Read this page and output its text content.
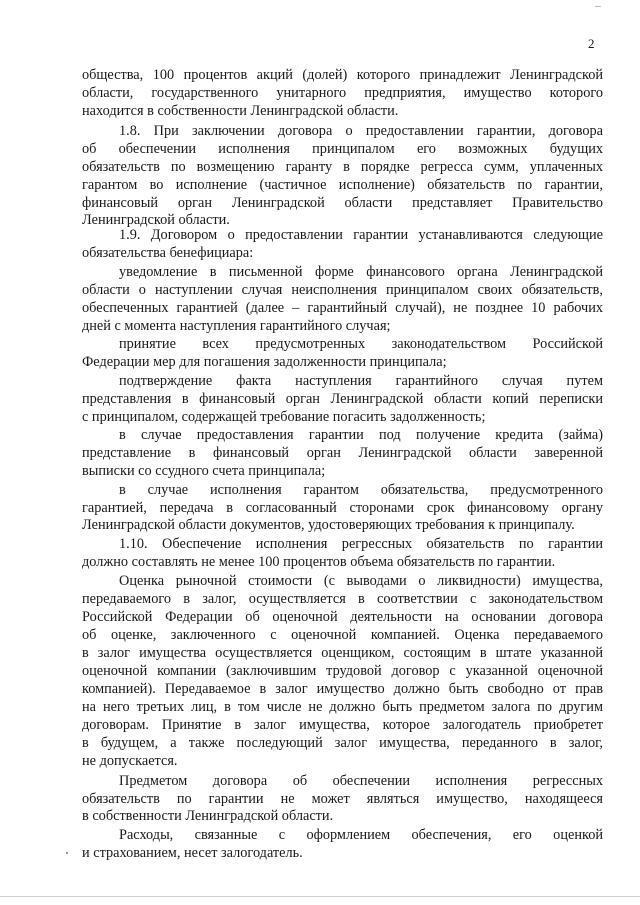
2
общества, 100 процентов акций (долей) которого принадлежит Ленинградской
области, государственного унитарного предприятия, имущество которого
находится в собственности Ленинградской области.
1.8. При заключении договора о предоставлении гарантии, договора
об обеспечении исполнения принципалом его возможных будущих
обязательств по возмещению гаранту в порядке регресса сумм, уплаченных
гарантом во исполнение (частичное исполнение) обязательств по гарантии,
финансовый орган Ленинградской области представляет Правительство
Ленинградской области.
1.9. Договором о предоставлении гарантии устанавливаются следующие
обязательства бенефициара:
уведомление в письменной форме финансового органа Ленинградской
области о наступлении случая неисполнения принципалом своих обязательств,
обеспеченных гарантией (далее – гарантийный случай), не позднее 10 рабочих
дней с момента наступления гарантийного случая;
принятие всех предусмотренных законодательством Российской
Федерации мер для погашения задолженности принципала;
подтверждение факта наступления гарантийного случая путем
представления в финансовый орган Ленинградской области копий переписки
с принципалом, содержащей требование погасить задолженность;
в случае предоставления гарантии под получение кредита (займа)
представление в финансовый орган Ленинградской области заверенной
выписки со ссудного счета принципала;
в случае исполнения гарантом обязательства, предусмотренного
гарантией, передача в согласованный сторонами срок финансовому органу
Ленинградской области документов, удостоверяющих требования к принципалу.
1.10. Обеспечение исполнения регрессных обязательств по гарантии
должно составлять не менее 100 процентов объема обязательств по гарантии.
Оценка рыночной стоимости (с выводами о ликвидности) имущества,
передаваемого в залог, осуществляется в соответствии с законодательством
Российской Федерации об оценочной деятельности на основании договора
об оценке, заключенного с оценочной компанией. Оценка передаваемого
в залог имущества осуществляется оценщиком, состоящим в штате указанной
оценочной компании (заключившим трудовой договор с указанной оценочной
компанией). Передаваемое в залог имущество должно быть свободно от прав
на него третьих лиц, в том числе не должно быть предметом залога по другим
договорам. Принятие в залог имущества, которое залогодатель приобретет
в будущем, а также последующий залог имущества, переданного в залог,
не допускается.
Предметом договора об обеспечении исполнения регрессных
обязательств по гарантии не может являться имущество, находящееся
в собственности Ленинградской области.
Расходы, связанные с оформлением обеспечения, его оценкой
и страхованием, несет залогодатель.
